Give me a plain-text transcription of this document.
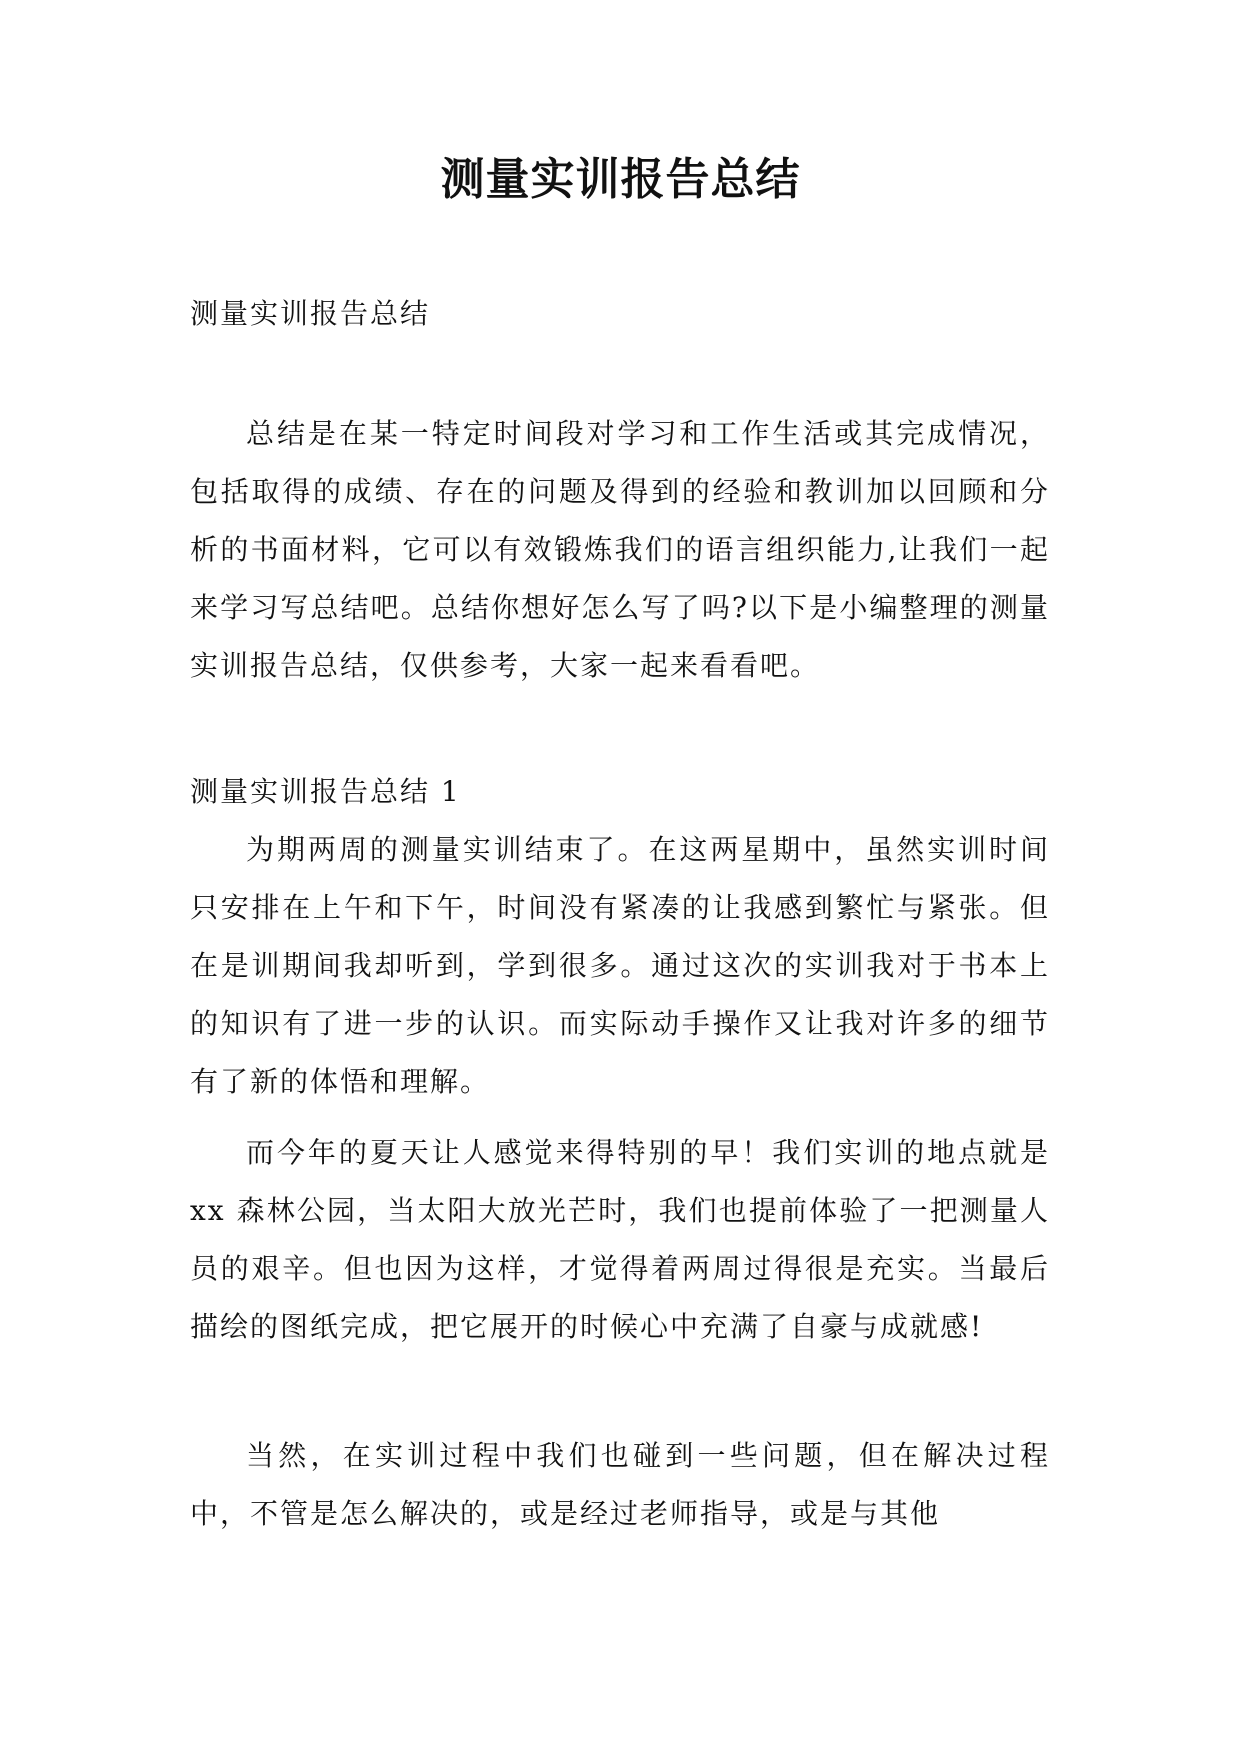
测量实训报告总结

测量实训报告总结

总结是在某一特定时间段对学习和工作生活或其完成情况，包括取得的成绩、存在的问题及得到的经验和教训加以回顾和分析的书面材料，它可以有效锻炼我们的语言组织能力,让我们一起来学习写总结吧。总结你想好怎么写了吗?以下是小编整理的测量实训报告总结，仅供参考，大家一起来看看吧。

测量实训报告总结 1

为期两周的测量实训结束了。在这两星期中，虽然实训时间只安排在上午和下午，时间没有紧凑的让我感到繁忙与紧张。但在是训期间我却听到，学到很多。通过这次的实训我对于书本上的知识有了进一步的认识。而实际动手操作又让我对许多的细节有了新的体悟和理解。

而今年的夏天让人感觉来得特别的早！我们实训的地点就是 xx 森林公园，当太阳大放光芒时，我们也提前体验了一把测量人员的艰辛。但也因为这样，才觉得着两周过得很是充实。当最后描绘的图纸完成，把它展开的时候心中充满了自豪与成就感!

当然，在实训过程中我们也碰到一些问题，但在解决过程中，不管是怎么解决的，或是经过老师指导，或是与其他
